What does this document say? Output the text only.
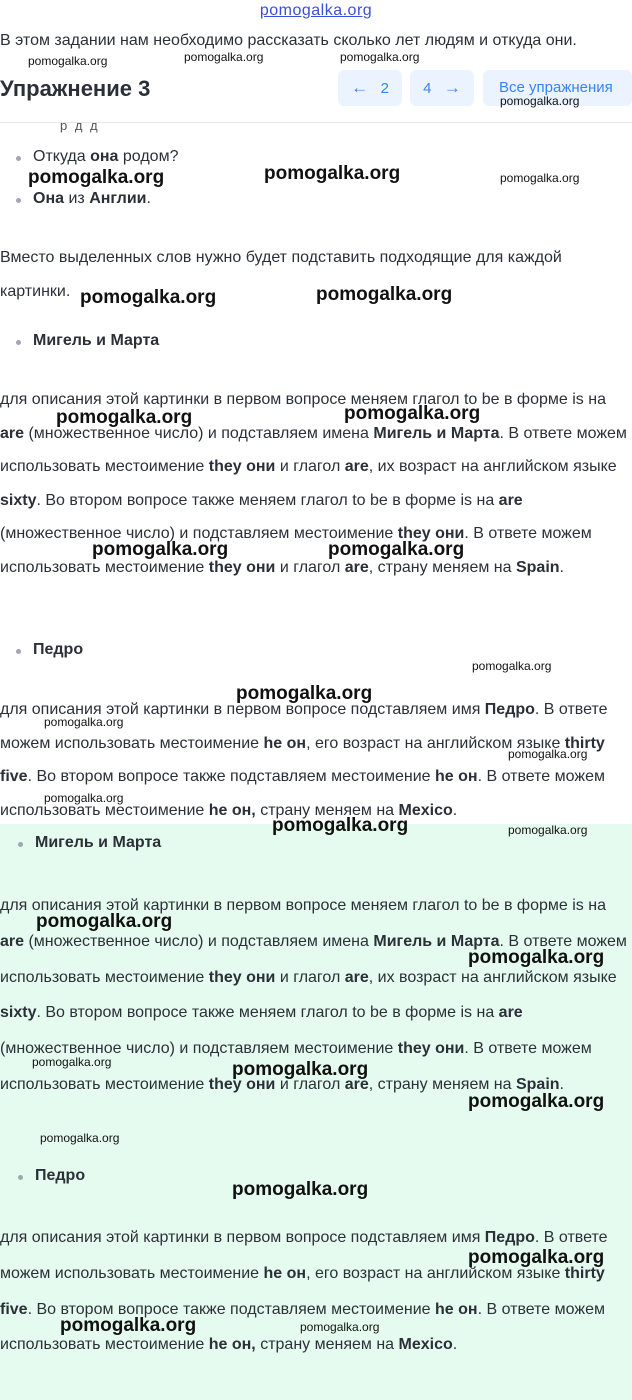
pomogalka.org
В этом задании нам необходимо рассказать сколько лет людям и откуда они.
Упражнение 3	← 2	4 →	Все упражнения
р д д
Откуда она родом?
Она из Англии.
Вместо выделенных слов нужно будет подставить подходящие для каждой картинки.
Мигель и Марта
для описания этой картинки в первом вопросе меняем глагол to be в форме is на are (множественное число) и подставляем имена Мигель и Марта. В ответе можем использовать местоимение they они и глагол are, их возраст на английском языке sixty. Во втором вопросе также меняем глагол to be в форме is на are (множественное число) и подставляем местоимение they они. В ответе можем использовать местоимение they они и глагол are, страну меняем на Spain.
Педро
для описания этой картинки в первом вопросе подставляем имя Педро. В ответе можем использовать местоимение he он, его возраст на английском языке thirty five. Во втором вопросе также подставляем местоимение he он. В ответе можем использовать местоимение he он, страну меняем на Mexico.
Мигель и Марта
для описания этой картинки в первом вопросе меняем глагол to be в форме is на are (множественное число) и подставляем имена Мигель и Марта. В ответе можем использовать местоимение they они и глагол are, их возраст на английском языке sixty. Во втором вопросе также меняем глагол to be в форме is на are (множественное число) и подставляем местоимение they они. В ответе можем использовать местоимение they они и глагол are, страну меняем на Spain.
Педро
для описания этой картинки в первом вопросе подставляем имя Педро. В ответе можем использовать местоимение he он, его возраст на английском языке thirty five. Во втором вопросе также подставляем местоимение he он. В ответе можем использовать местоимение he он, страну меняем на Mexico.
pomogalka.org	pomogalka.org	pomogalka.org
pomogalka.org
pomogalka.org	pomogalka.org	pomogalka.org
pomogalka.org	pomogalka.org
pomogalka.org	pomogalka.org
pomogalka.org	pomogalka.org
pomogalka.org
pomogalka.org
pomogalka.org
pomogalka.org
pomogalka.org
pomogalka.org	pomogalka.org
pomogalka.org
pomogalka.org
pomogalka.org	pomogalka.org
pomogalka.org
pomogalka.org
pomogalka.org
pomogalka.org
pomogalka.org	pomogalka.org
